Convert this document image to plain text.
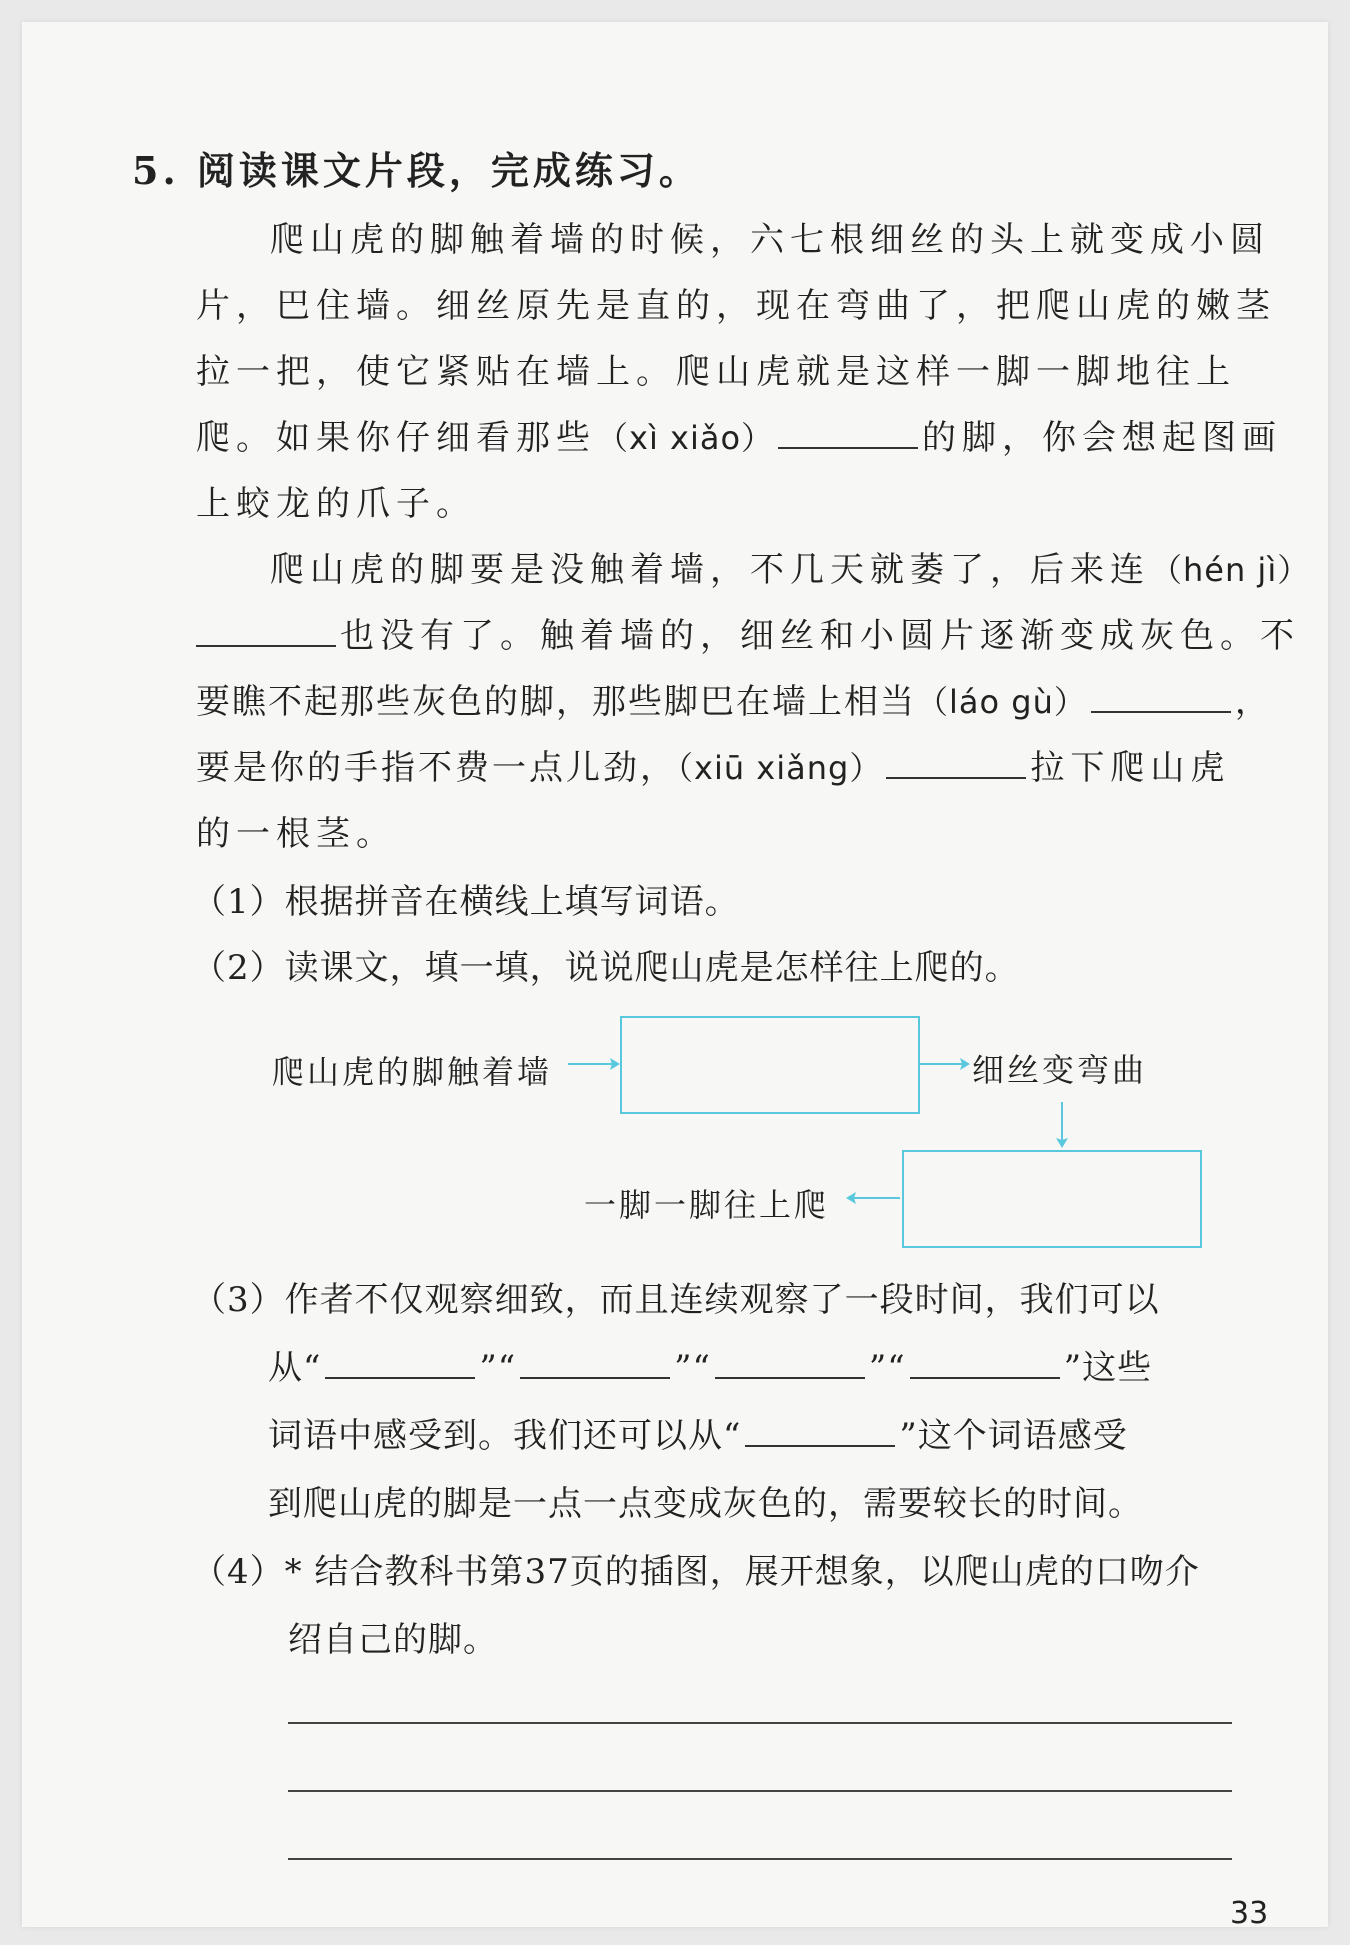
5. 阅读课文片段，完成练习。
爬山虎的脚触着墙的时候，六七根细丝的头上就变成小圆
片，巴住墙。细丝原先是直的，现在弯曲了，把爬山虎的嫩茎
拉一把，使它紧贴在墙上。爬山虎就是这样一脚一脚地往上
爬。如果你仔细看那些（xì xiǎo）	的脚，你会想起图画
上蛟龙的爪子。
爬山虎的脚要是没触着墙，不几天就萎了，后来连（hén jì）
也没有了。触着墙的，细丝和小圆片逐渐变成灰色。不
要瞧不起那些灰色的脚，那些脚巴在墙上相当（láo gù）	，
要是你的手指不费一点儿劲，（xiū xiǎng）	拉下爬山虎
的一根茎。
（1）根据拼音在横线上填写词语。
（2）读课文，填一填，说说爬山虎是怎样往上爬的。
爬山虎的脚触着墙	细丝变弯曲
一脚一脚往上爬
（3）作者不仅观察细致，而且连续观察了一段时间，我们可以
从“	”“	”“	”“	”这些
词语中感受到。我们还可以从“	”这个词语感受
到爬山虎的脚是一点一点变成灰色的，需要较长的时间。
（4）* 结合教科书第37页的插图，展开想象，以爬山虎的口吻介
绍自己的脚。
33
